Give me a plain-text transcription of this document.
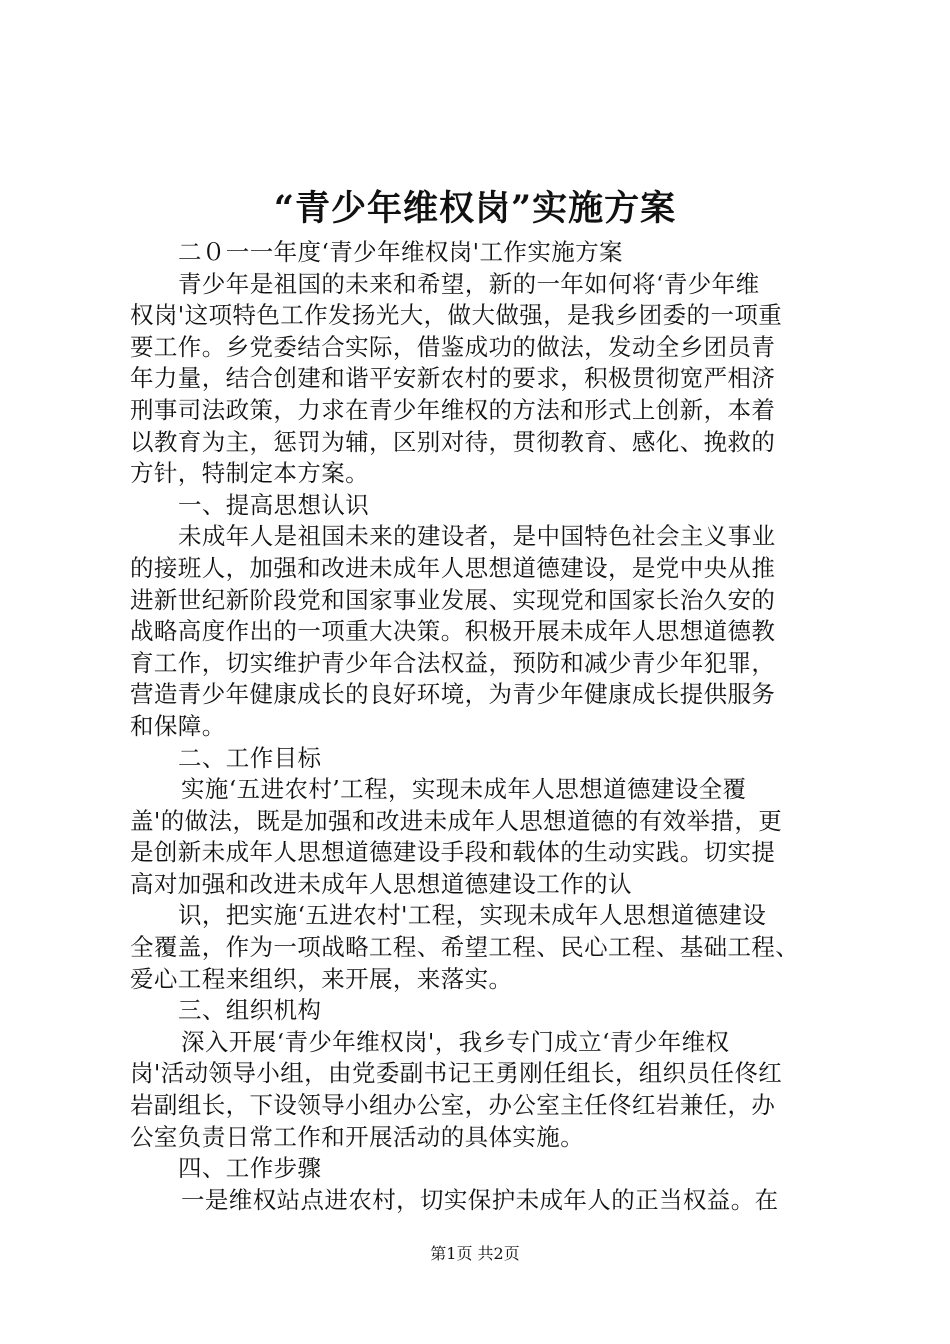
“青少年维权岗”实施方案
二０一一年度‘青少年维权岗'工作实施方案
青少年是祖国的未来和希望，新的一年如何将‘青少年维
权岗'这项特色工作发扬光大，做大做强，是我乡团委的一项重
要工作。乡党委结合实际，借鉴成功的做法，发动全乡团员青
年力量，结合创建和谐平安新农村的要求，积极贯彻宽严相济
刑事司法政策，力求在青少年维权的方法和形式上创新，本着
以教育为主，惩罚为辅，区别对待，贯彻教育、感化、挽救的
方针，特制定本方案。
一、提高思想认识
未成年人是祖国未来的建设者，是中国特色社会主义事业
的接班人，加强和改进未成年人思想道德建设，是党中央从推
进新世纪新阶段党和国家事业发展、实现党和国家长治久安的
战略高度作出的一项重大决策。积极开展未成年人思想道德教
育工作，切实维护青少年合法权益，预防和减少青少年犯罪，
营造青少年健康成长的良好环境，为青少年健康成长提供服务
和保障。
二、工作目标
实施‘五进农村’工程，实现未成年人思想道德建设全覆
盖'的做法，既是加强和改进未成年人思想道德的有效举措，更
是创新未成年人思想道德建设手段和载体的生动实践。切实提
高对加强和改进未成年人思想道德建设工作的认
识，把实施‘五进农村'工程，实现未成年人思想道德建设
全覆盖，作为一项战略工程、希望工程、民心工程、基础工程、
爱心工程来组织，来开展，来落实。
三、组织机构
深入开展‘青少年维权岗'，我乡专门成立‘青少年维权
岗'活动领导小组，由党委副书记王勇刚任组长，组织员任佟红
岩副组长，下设领导小组办公室，办公室主任佟红岩兼任，办
公室负责日常工作和开展活动的具体实施。
四、工作步骤
一是维权站点进农村，切实保护未成年人的正当权益。在
第1页 共2页
